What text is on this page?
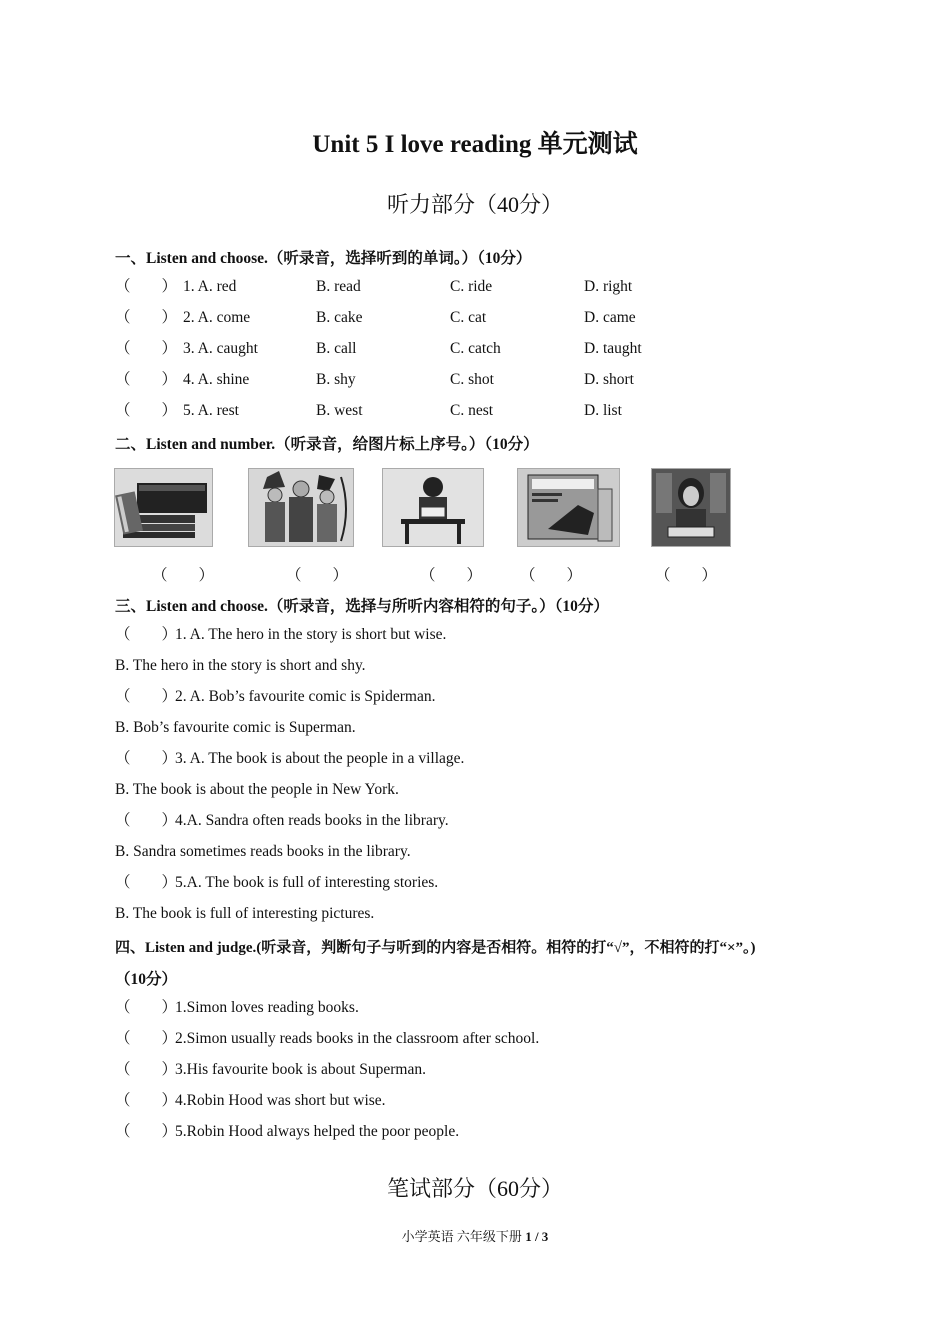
Unit 5 I love reading 单元测试
听力部分（40分）
一、Listen and choose.（听录音，选择听到的单词。）（10分）
（　　） 1. A. red	B. read	C. ride	D. right
（　　） 2. A. come	B. cake	C. cat	D. came
（　　） 3. A. caught	B. call	C. catch	D. taught
（　　） 4. A. shine	B. shy	C. shot	D. short
（　　） 5. A. rest	B. west	C. nest	D. list
二、Listen and number.（听录音，给图片标上序号。）（10分）
（　　）	（　　）	（　　） （　　）	（　　）
三、Listen and choose.（听录音，选择与所听内容相符的句子。）（10分）
（　　）1. A. The hero in the story is short but wise.
B. The hero in the story is short and shy.
（　　）2. A. Bob’s favourite comic is Spiderman.
B. Bob’s favourite comic is Superman.
（　　）3. A. The book is about the people in a village.
B. The book is about the people in New York.
（　　）4.A. Sandra often reads books in the library.
B. Sandra sometimes reads books in the library.
（　　）5.A. The book is full of interesting stories.
B. The book is full of interesting pictures.
四、Listen and judge.(听录音，判断句子与听到的内容是否相符。相符的打“√”，不相符的打“×”。)
（10分）
（　　）1.Simon loves reading books.
（　　）2.Simon usually reads books in the classroom after school.
（　　）3.His favourite book is about Superman.
（　　）4.Robin Hood was short but wise.
（　　）5.Robin Hood always helped the poor people.
笔试部分（60分）
小学英语 六年级下册 1 / 3
